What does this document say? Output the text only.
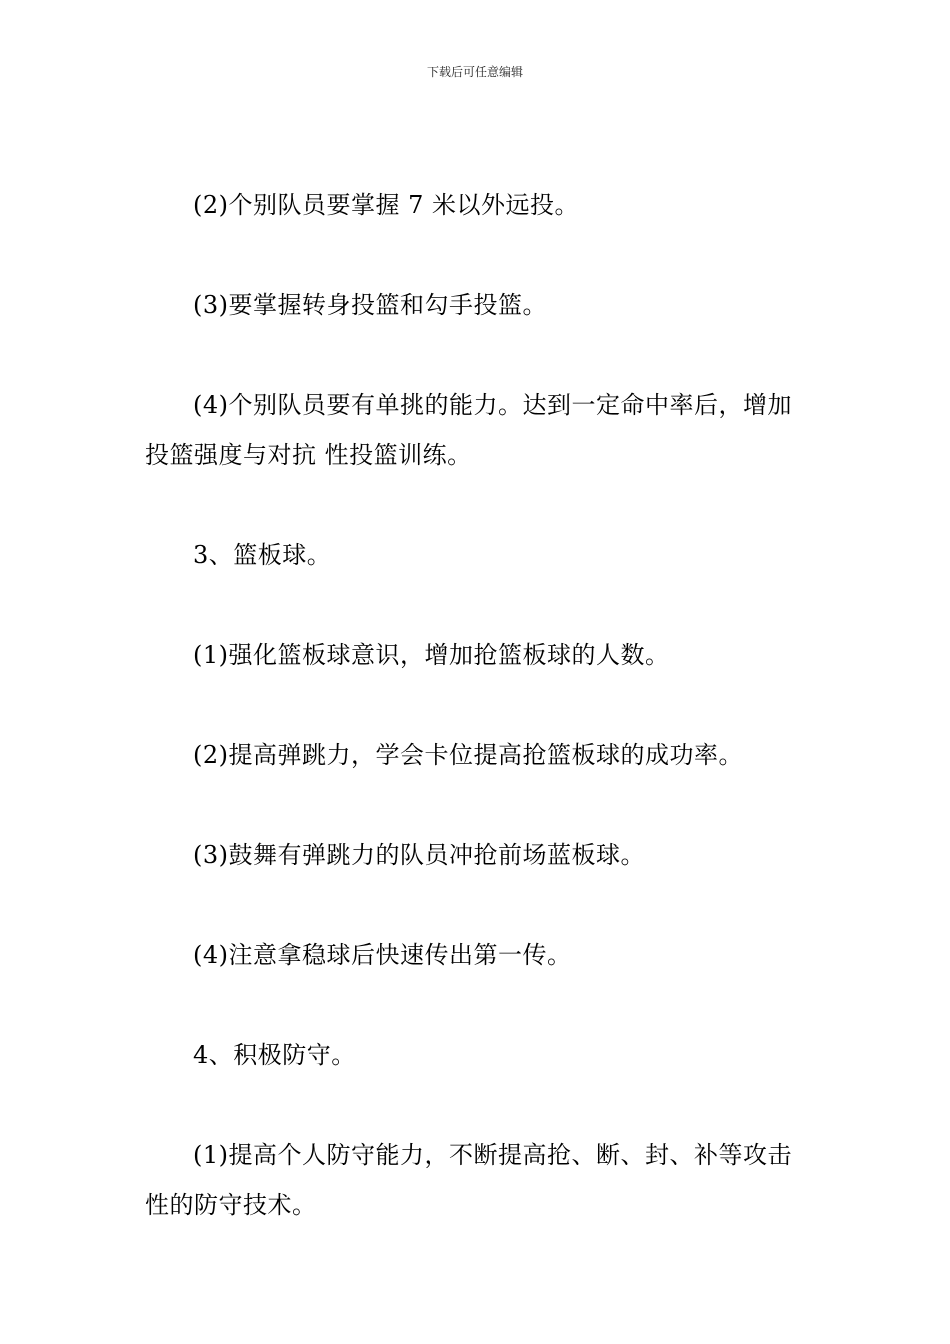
下载后可任意编辑

(2)个别队员要掌握 7 米以外远投。

(3)要掌握转身投篮和勾手投篮。

(4)个别队员要有单挑的能力。达到一定命中率后，增加投篮强度与对抗 性投篮训练。

3、篮板球。

(1)强化篮板球意识，增加抢篮板球的人数。

(2)提高弹跳力，学会卡位提高抢篮板球的成功率。

(3)鼓舞有弹跳力的队员冲抢前场蓝板球。

(4)注意拿稳球后快速传出第一传。

4、积极防守。

(1)提高个人防守能力，不断提高抢、断、封、补等攻击性的防守技术。
